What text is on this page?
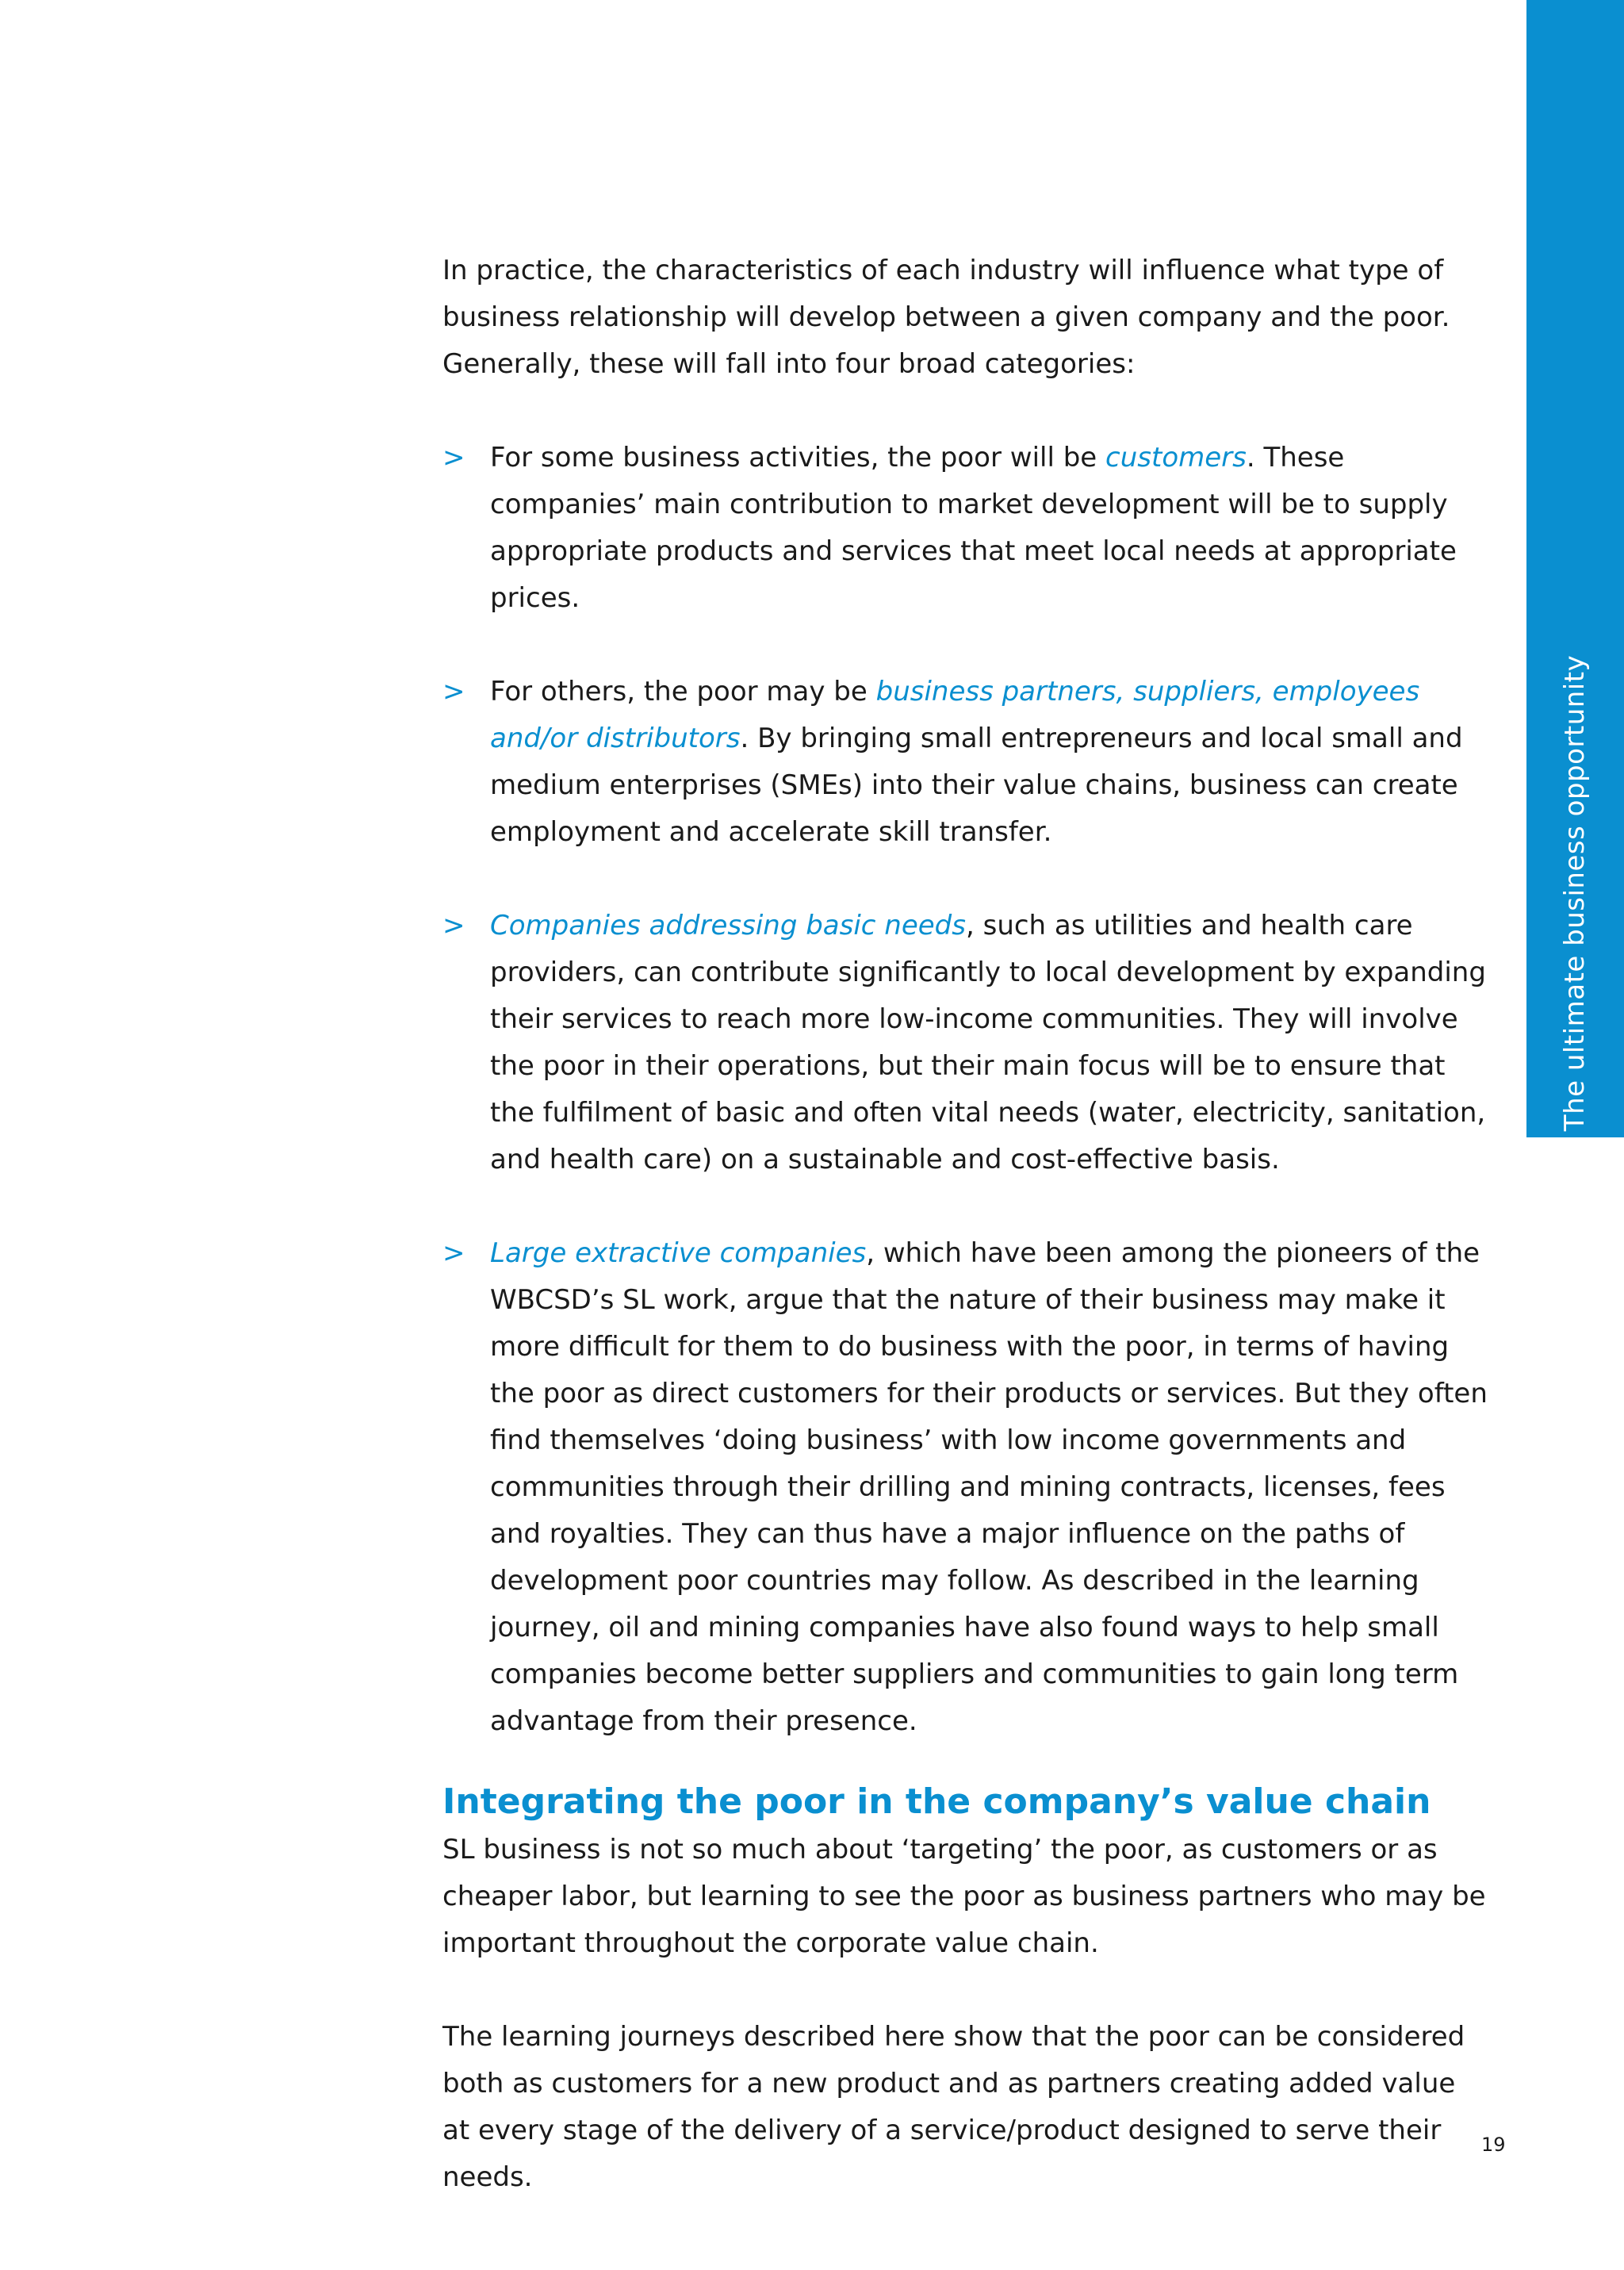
The ultimate business opportunity

In practice, the characteristics of each industry will influence what type of business relationship will develop between a given company and the poor. Generally, these will fall into four broad categories:

> For some business activities, the poor will be customers. These companies’ main contribution to market development will be to supply appropriate products and services that meet local needs at appropriate prices.
> For others, the poor may be business partners, suppliers, employees and/or distributors. By bringing small entrepreneurs and local small and medium enterprises (SMEs) into their value chains, business can create employment and accelerate skill transfer.
> Companies addressing basic needs, such as utilities and health care providers, can contribute significantly to local development by expanding their services to reach more low-income communities. They will involve the poor in their operations, but their main focus will be to ensure that the fulfilment of basic and often vital needs (water, electricity, sanitation, and health care) on a sustainable and cost-effective basis.
> Large extractive companies, which have been among the pioneers of the WBCSD’s SL work, argue that the nature of their business may make it more difficult for them to do business with the poor, in terms of having the poor as direct customers for their products or services. But they often find themselves ‘doing business’ with low income governments and communities through their drilling and mining contracts, licenses, fees and royalties. They can thus have a major influence on the paths of development poor countries may follow. As described in the learning journey, oil and mining companies have also found ways to help small companies become better suppliers and communities to gain long term advantage from their presence.
Integrating the poor in the company’s value chain

SL business is not so much about ‘targeting’ the poor, as customers or as cheaper labor, but learning to see the poor as business partners who may be important throughout the corporate value chain.

The learning journeys described here show that the poor can be considered both as customers for a new product and as partners creating added value at every stage of the delivery of a service/product designed to serve their needs.

19
